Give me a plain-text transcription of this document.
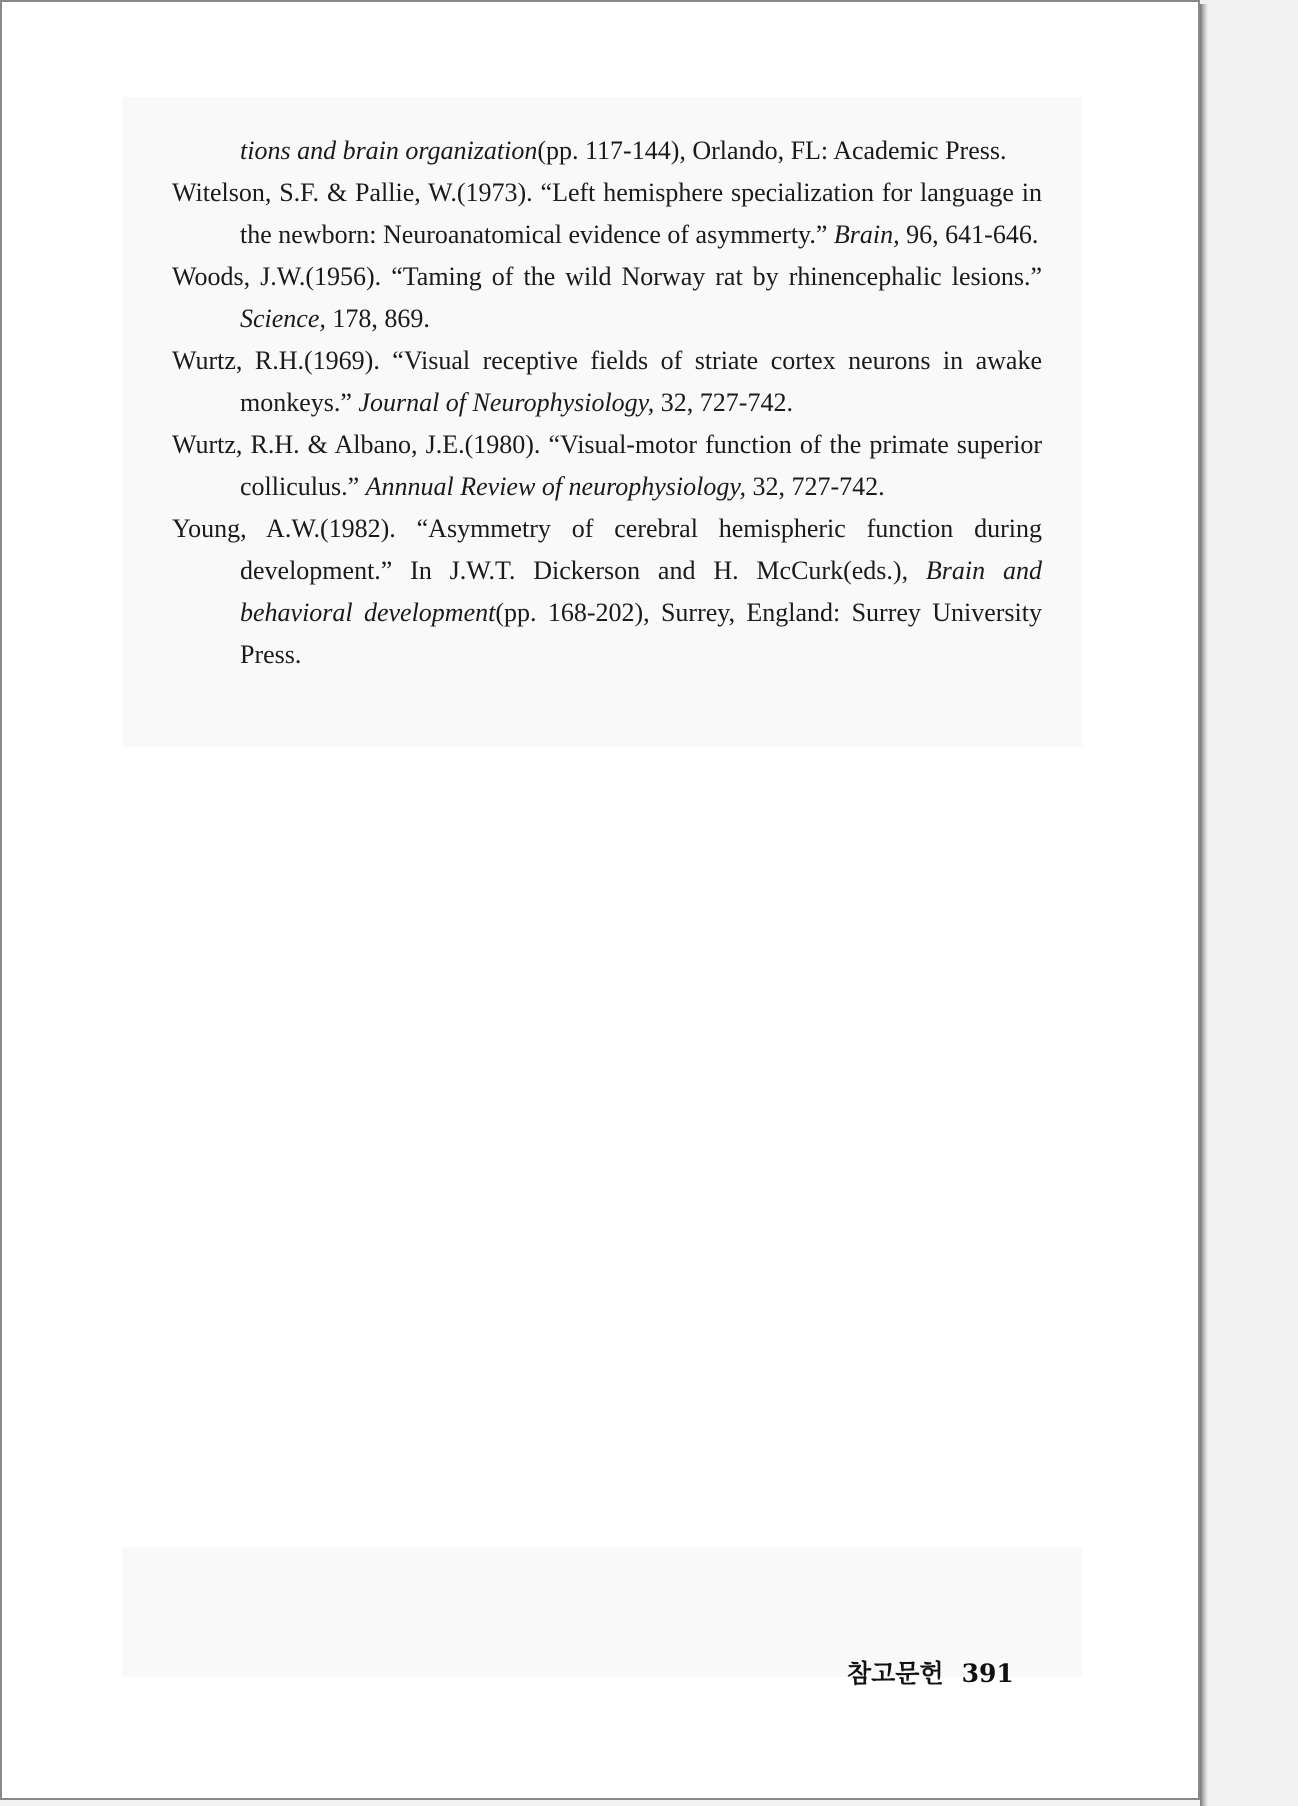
tions and brain organization(pp. 117-144), Orlando, FL: Academic Press.

Witelson, S.F. & Pallie, W.(1973). “Left hemisphere specialization for language in the newborn: Neuroanatomical evidence of asymmerty.” Brain, 96, 641-646.

Woods, J.W.(1956). “Taming of the wild Norway rat by rhinencephalic lesions.” Science, 178, 869.

Wurtz, R.H.(1969). “Visual receptive fields of striate cortex neurons in awake monkeys.” Journal of Neurophysiology, 32, 727-742.

Wurtz, R.H. & Albano, J.E.(1980). “Visual-motor function of the primate superior colliculus.” Annnual Review of neurophysiology, 32, 727-742.

Young, A.W.(1982). “Asymmetry of cerebral hemispheric function during development.” In J.W.T. Dickerson and H. McCurk(eds.), Brain and behavioral development(pp. 168-202), Surrey, England: Surrey University Press.

참고문헌 391
